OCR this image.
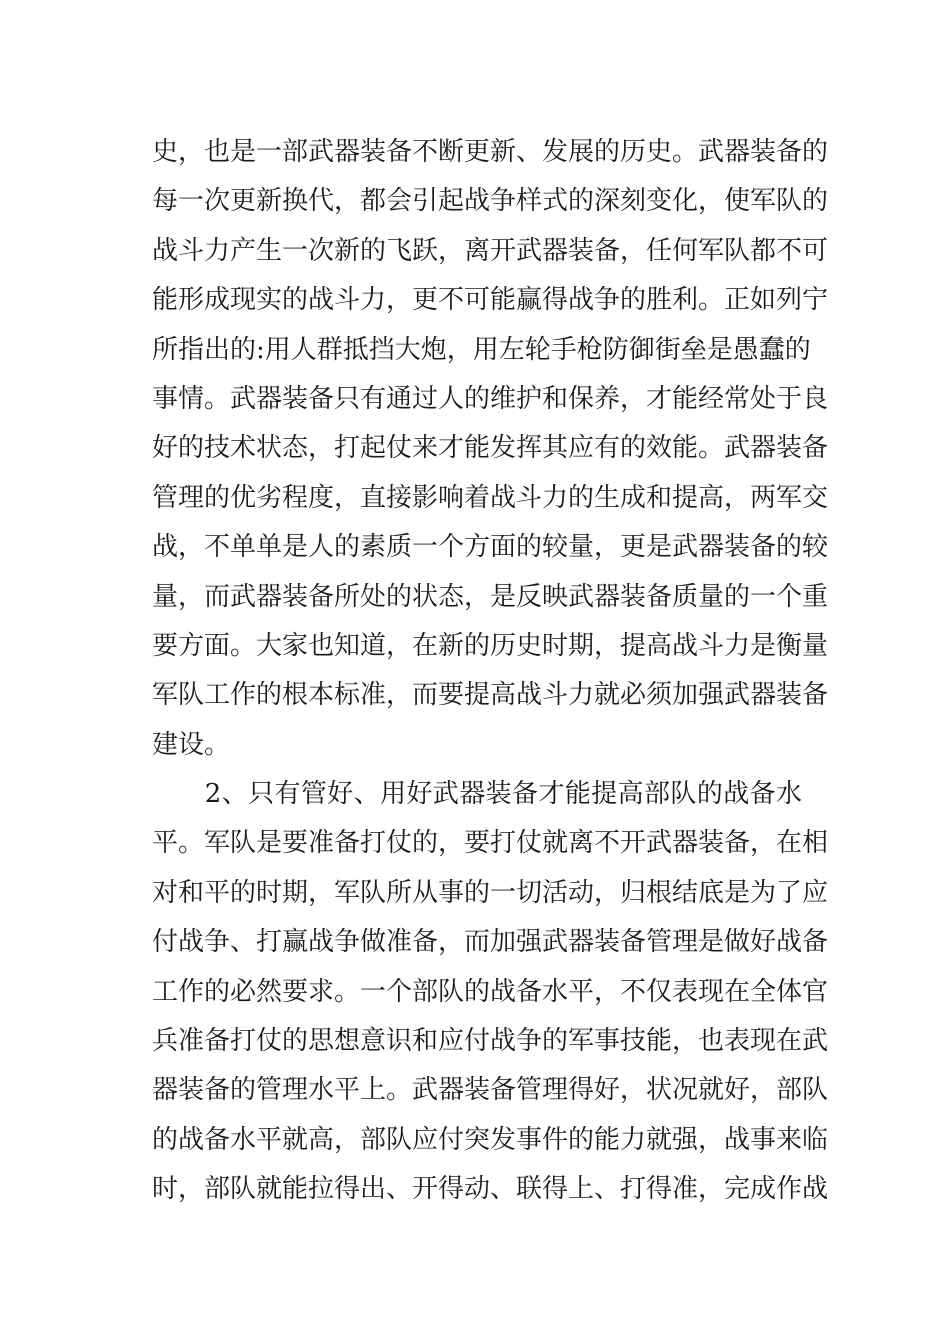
史，也是一部武器装备不断更新、发展的历史。武器装备的
每一次更新换代，都会引起战争样式的深刻变化，使军队的
战斗力产生一次新的飞跃，离开武器装备，任何军队都不可
能形成现实的战斗力，更不可能赢得战争的胜利。正如列宁
所指出的:用人群抵挡大炮，用左轮手枪防御街垒是愚蠢的
事情。武器装备只有通过人的维护和保养，才能经常处于良
好的技术状态，打起仗来才能发挥其应有的效能。武器装备
管理的优劣程度，直接影响着战斗力的生成和提高，两军交
战，不单单是人的素质一个方面的较量，更是武器装备的较
量，而武器装备所处的状态，是反映武器装备质量的一个重
要方面。大家也知道，在新的历史时期，提高战斗力是衡量
军队工作的根本标准，而要提高战斗力就必须加强武器装备
建设。
　　2、只有管好、用好武器装备才能提高部队的战备水
平。军队是要准备打仗的，要打仗就离不开武器装备，在相
对和平的时期，军队所从事的一切活动，归根结底是为了应
付战争、打赢战争做准备，而加强武器装备管理是做好战备
工作的必然要求。一个部队的战备水平，不仅表现在全体官
兵准备打仗的思想意识和应付战争的军事技能，也表现在武
器装备的管理水平上。武器装备管理得好，状况就好，部队
的战备水平就高，部队应付突发事件的能力就强，战事来临
时，部队就能拉得出、开得动、联得上、打得准，完成作战
